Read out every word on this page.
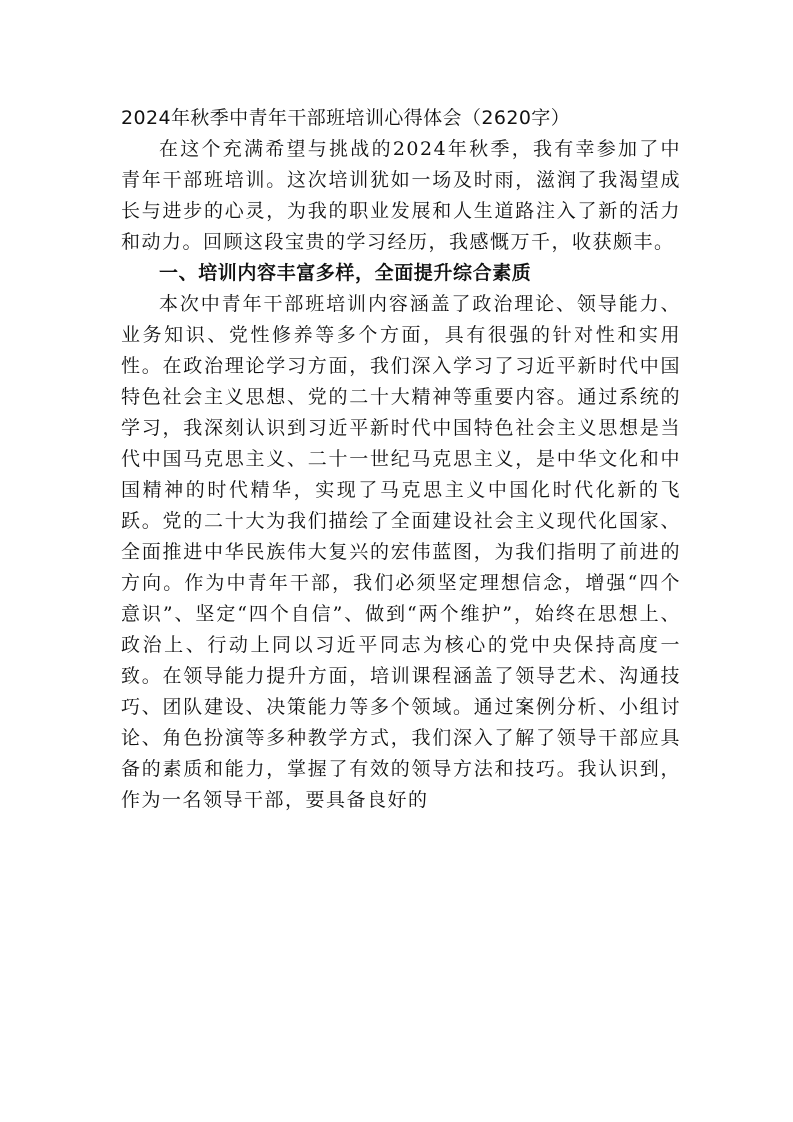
2024年秋季中青年干部班培训心得体会（2620字）

在这个充满希望与挑战的2024年秋季，我有幸参加了中青年干部班培训。这次培训犹如一场及时雨，滋润了我渴望成长与进步的心灵，为我的职业发展和人生道路注入了新的活力和动力。回顾这段宝贵的学习经历，我感慨万千，收获颇丰。

一、培训内容丰富多样，全面提升综合素质

本次中青年干部班培训内容涵盖了政治理论、领导能力、业务知识、党性修养等多个方面，具有很强的针对性和实用性。在政治理论学习方面，我们深入学习了习近平新时代中国特色社会主义思想、党的二十大精神等重要内容。通过系统的学习，我深刻认识到习近平新时代中国特色社会主义思想是当代中国马克思主义、二十一世纪马克思主义，是中华文化和中国精神的时代精华，实现了马克思主义中国化时代化新的飞跃。党的二十大为我们描绘了全面建设社会主义现代化国家、全面推进中华民族伟大复兴的宏伟蓝图，为我们指明了前进的方向。作为中青年干部，我们必须坚定理想信念，增强“四个意识”、坚定“四个自信”、做到“两个维护”，始终在思想上、政治上、行动上同以习近平同志为核心的党中央保持高度一致。在领导能力提升方面，培训课程涵盖了领导艺术、沟通技巧、团队建设、决策能力等多个领域。通过案例分析、小组讨论、角色扮演等多种教学方式，我们深入了解了领导干部应具备的素质和能力，掌握了有效的领导方法和技巧。我认识到，作为一名领导干部，要具备良好的
